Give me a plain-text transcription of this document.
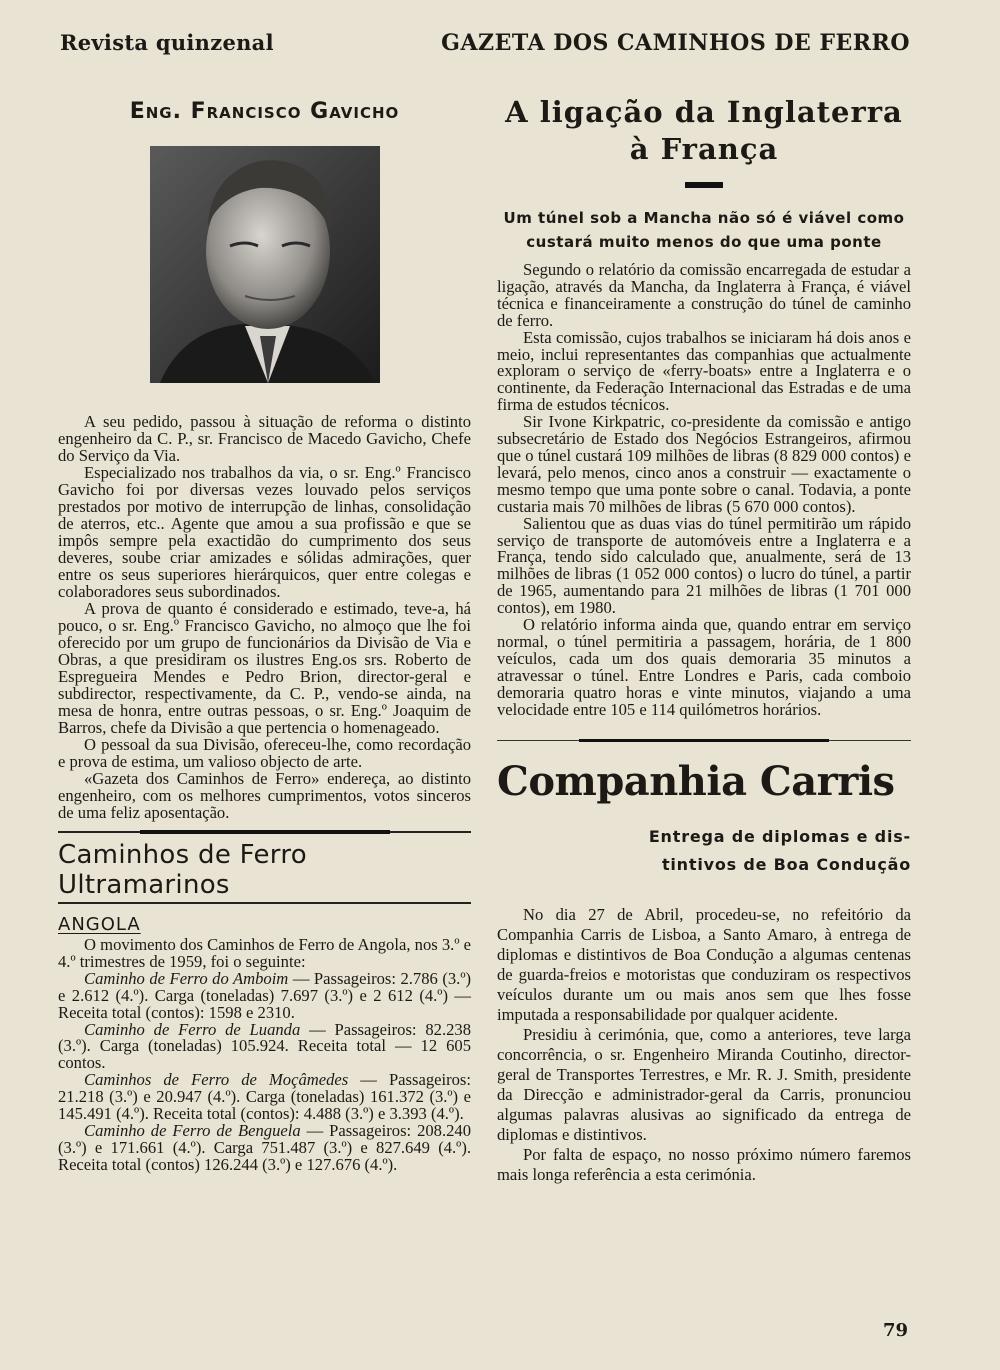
Revista quinzenal	GAZETA DOS CAMINHOS DE FERRO
Eng. Francisco Gavicho

A seu pedido, passou à situação de reforma o distinto engenheiro da C. P., sr. Francisco de Macedo Gavicho, Chefe do Serviço da Via.

Especializado nos trabalhos da via, o sr. Eng.º Francisco Gavicho foi por diversas vezes louvado pelos serviços prestados por motivo de interrupção de linhas, consolidação de aterros, etc.. Agente que amou a sua profissão e que se impôs sempre pela exactidão do cumprimento dos seus deveres, soube criar amizades e sólidas admirações, quer entre os seus superiores hierárquicos, quer entre colegas e colaboradores seus subordinados.

A prova de quanto é considerado e estimado, teve-a, há pouco, o sr. Eng.º Francisco Gavicho, no almoço que lhe foi oferecido por um grupo de funcionários da Divisão de Via e Obras, a que presidiram os ilustres Eng.os srs. Roberto de Espregueira Mendes e Pedro Brion, director-geral e subdirector, respectivamente, da C. P., vendo-se ainda, na mesa de honra, entre outras pessoas, o sr. Eng.º Joaquim de Barros, chefe da Divisão a que pertencia o homenageado.

O pessoal da sua Divisão, ofereceu-lhe, como recordação e prova de estima, um valioso objecto de arte.

«Gazeta dos Caminhos de Ferro» endereça, ao distinto engenheiro, com os melhores cumprimentos, votos sinceros de uma feliz aposentação.

Caminhos de Ferro Ultramarinos
ANGOLA

O movimento dos Caminhos de Ferro de Angola, nos 3.º e 4.º trimestres de 1959, foi o seguinte:

Caminho de Ferro do Amboim — Passageiros: 2.786 (3.º) e 2.612 (4.º). Carga (toneladas) 7.697 (3.º) e 2 612 (4.º) — Receita total (contos): 1598 e 2310.

Caminho de Ferro de Luanda — Passageiros: 82.238 (3.º). Carga (toneladas) 105.924. Receita total — 12 605 contos.

Caminhos de Ferro de Moçâmedes — Passageiros: 21.218 (3.º) e 20.947 (4.º). Carga (toneladas) 161.372 (3.º) e 145.491 (4.º). Receita total (contos): 4.488 (3.º) e 3.393 (4.º).

Caminho de Ferro de Benguela — Passageiros: 208.240 (3.º) e 171.661 (4.º). Carga 751.487 (3.º) e 827.649 (4.º). Receita total (contos) 126.244 (3.º) e 127.676 (4.º).

A ligação da Inglaterra
à França
Um túnel sob a Mancha não só é viável como
custará muito menos do que uma ponte

Segundo o relatório da comissão encarregada de estudar a ligação, através da Mancha, da Inglaterra à França, é viável técnica e financeiramente a construção do túnel de caminho de ferro.

Esta comissão, cujos trabalhos se iniciaram há dois anos e meio, inclui representantes das companhias que actualmente exploram o serviço de «ferry-boats» entre a Inglaterra e o continente, da Federação Internacional das Estradas e de uma firma de estudos técnicos.

Sir Ivone Kirkpatric, co-presidente da comissão e antigo subsecretário de Estado dos Negócios Estrangeiros, afirmou que o túnel custará 109 milhões de libras (8 829 000 contos) e levará, pelo menos, cinco anos a construir — exactamente o mesmo tempo que uma ponte sobre o canal. Todavia, a ponte custaria mais 70 milhões de libras (5 670 000 contos).

Salientou que as duas vias do túnel permitirão um rápido serviço de transporte de automóveis entre a Inglaterra e a França, tendo sido calculado que, anualmente, será de 13 milhões de libras (1 052 000 contos) o lucro do túnel, a partir de 1965, aumentando para 21 milhões de libras (1 701 000 contos), em 1980.

O relatório informa ainda que, quando entrar em serviço normal, o túnel permitiria a passagem, horária, de 1 800 veículos, cada um dos quais demoraria 35 minutos a atravessar o túnel. Entre Londres e Paris, cada comboio demoraria quatro horas e vinte minutos, viajando a uma velocidade entre 105 e 114 quilómetros horários.

Companhia Carris
Entrega de diplomas e dis-
tintivos de Boa Condução

No dia 27 de Abril, procedeu-se, no refeitório da Companhia Carris de Lisboa, a Santo Amaro, à entrega de diplomas e distintivos de Boa Condução a algumas centenas de guarda-freios e motoristas que conduziram os respectivos veículos durante um ou mais anos sem que lhes fosse imputada a responsabilidade por qualquer acidente.

Presidiu à cerimónia, que, como a anteriores, teve larga concorrência, o sr. Engenheiro Miranda Coutinho, director-geral de Transportes Terrestres, e Mr. R. J. Smith, presidente da Direcção e administrador-geral da Carris, pronunciou algumas palavras alusivas ao significado da entrega de diplomas e distintivos.

Por falta de espaço, no nosso próximo número faremos mais longa referência a esta cerimónia.

79
